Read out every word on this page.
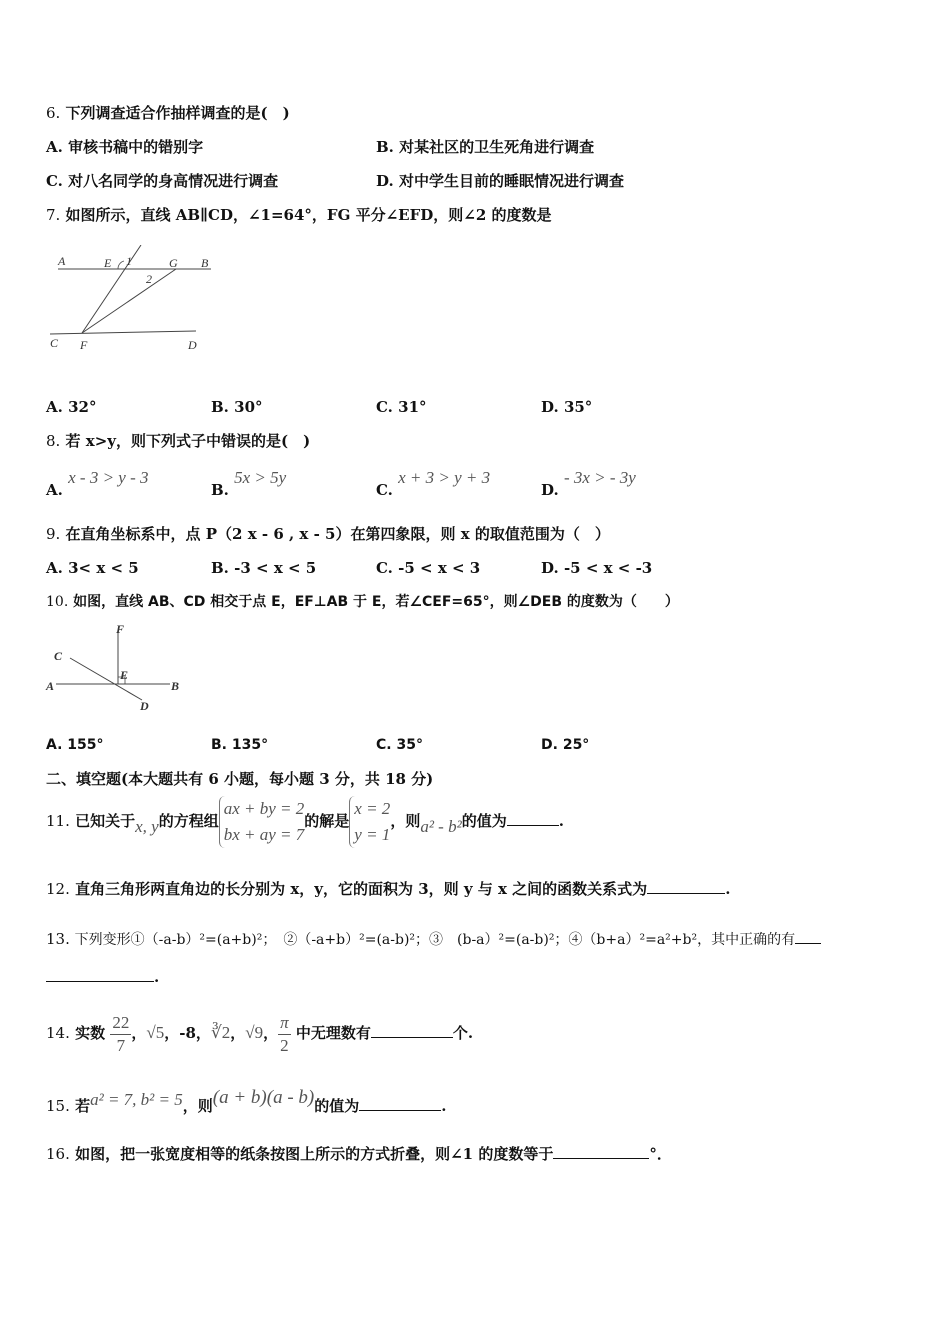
6. 下列调查适合作抽样调查的是(　)
A. 审核书稿中的错别字	B. 对某社区的卫生死角进行调查
C. 对八名同学的身高情况进行调查	D. 对中学生目前的睡眠情况进行调查
7. 如图所示，直线 AB∥CD，∠1=64°，FG 平分∠EFD，则∠2 的度数是
A	E 1	G B
2
C F	D
A. 32°	B. 30°	C. 31°	D. 35°
8. 若 x>y，则下列式子中错误的是(　)
A. x - 3 > y - 3
B. 5x > 5y
C. x + 3 > y + 3
D. - 3x > - 3y
9. 在直角坐标系中，点 P（2 x - 6 , x - 5）在第四象限，则 x 的取值范围为（　）
A. 3< x < 5	B. -3 < x < 5	C. -5 < x < 3	D. -5 < x < -3
10. 如图，直线 AB、CD 相交于点 E，EF⊥AB 于 E，若∠CEF=65°，则∠DEB 的度数为（　　）
F
C
E
A	B
D
A. 155°	B. 135°	C. 35°	D. 25°
二、填空题(本大题共有 6 小题，每小题 3 分，共 18 分)
11. 已知关于x, y的方程组
ax + by = 2
bx + ay = 7
的解是
x = 2
y = 1
，则a² - b²的值为	.
12. 直角三角形两直角边的长分别为 x，y，它的面积为 3，则 y 与 x 之间的函数关系式为	.
13. 下列变形①（-a-b）²=(a+b)²；　②（-a+b）²=(a-b)²；③　(b-a）²=(a-b)²；④（b+a）²=a²+b²，其中正确的有
.
14. 实数 $\frac{22}{7}$ ，√5，-8，∛2，√9， $\frac{\pi}{2}$ 中无理数有	个.
15. 若a² = 7, b² = 5，则(a + b)(a - b)的值为	.
16. 如图，把一张宽度相等的纸条按图上所示的方式折叠，则∠1 的度数等于	°．
